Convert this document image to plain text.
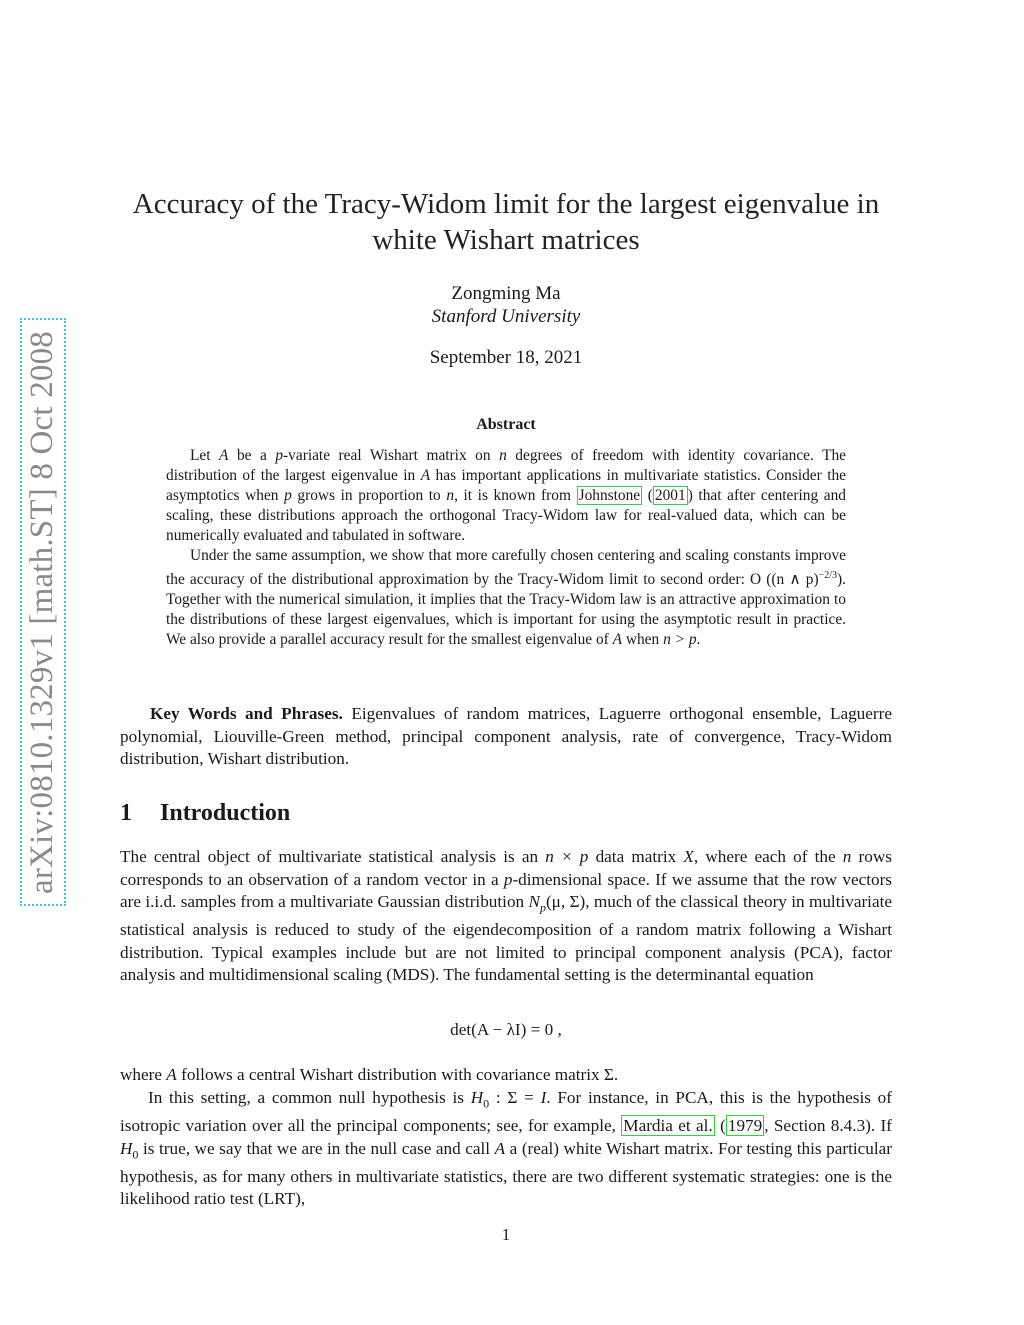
arXiv:0810.1329v1 [math.ST] 8 Oct 2008
Accuracy of the Tracy-Widom limit for the largest eigenvalue in white Wishart matrices
Zongming Ma
Stanford University
September 18, 2021
Abstract

Let A be a p-variate real Wishart matrix on n degrees of freedom with identity covariance. The distribution of the largest eigenvalue in A has important applications in multivariate statistics. Consider the asymptotics when p grows in proportion to n, it is known from Johnstone ( 2001 ) that after centering and scaling, these distributions approach the orthogonal Tracy-Widom law for real-valued data, which can be numerically evaluated and tabulated in software.

Under the same assumption, we show that more carefully chosen centering and scaling constants improve the accuracy of the distributional approximation by the Tracy-Widom limit to second order: O ((n ∧ p)$^{-2/3}$). Together with the numerical simulation, it implies that the Tracy-Widom law is an attractive approximation to the distributions of these largest eigenvalues, which is important for using the asymptotic result in practice. We also provide a parallel accuracy result for the smallest eigenvalue of A when n > p.

Key Words and Phrases. Eigenvalues of random matrices, Laguerre orthogonal ensemble, Laguerre polynomial, Liouville-Green method, principal component analysis, rate of convergence, Tracy-Widom distribution, Wishart distribution.
1 Introduction

The central object of multivariate statistical analysis is an n × p data matrix X, where each of the n rows corresponds to an observation of a random vector in a p-dimensional space. If we assume that the row vectors are i.i.d. samples from a multivariate Gaussian distribution $N_p(\mu$, Σ), much of the classical theory in multivariate statistical analysis is reduced to study of the eigendecomposition of a random matrix following a Wishart distribution. Typical examples include but are not limited to principal component analysis (PCA), factor analysis and multidimensional scaling (MDS). The fundamental setting is the determinantal equation

det(A − λI) = 0 ,

where A follows a central Wishart distribution with covariance matrix Σ.

In this setting, a common null hypothesis is $H_0$ : Σ = I. For instance, in PCA, this is the hypothesis of isotropic variation over all the principal components; see, for example, Mardia et al. ( 1979 , Section 8.4.3). If $H_0$ is true, we say that we are in the null case and call A a (real) white Wishart matrix. For testing this particular hypothesis, as for many others in multivariate statistics, there are two different systematic strategies: one is the likelihood ratio test (LRT),

1
